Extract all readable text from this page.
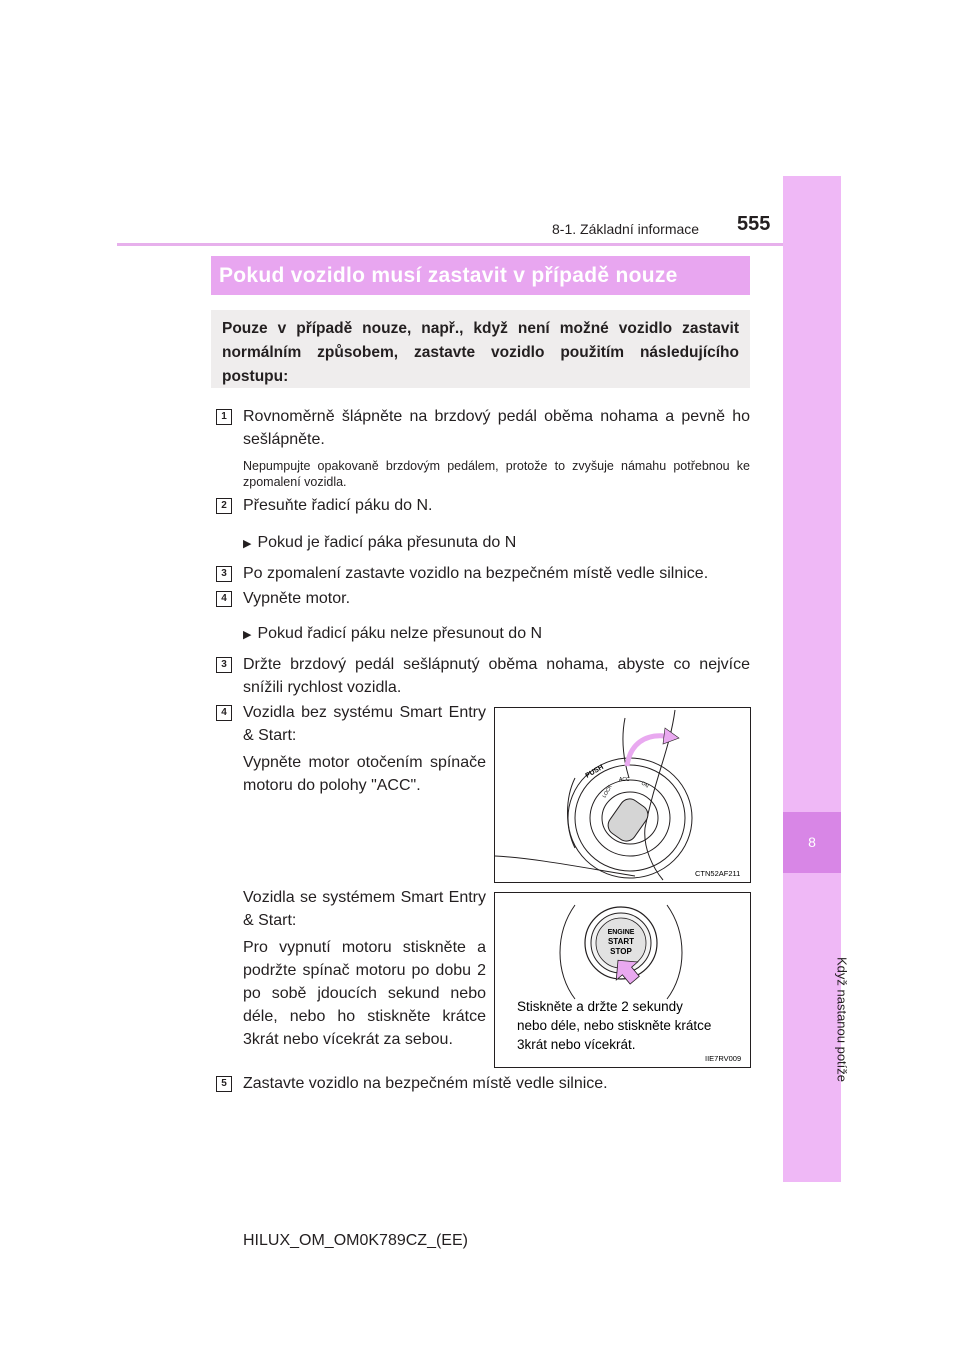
8-1. Základní informace 555
8
Když nastanou potíže
Pokud vozidlo musí zastavit v případě nouze
Pouze v případě nouze, např., když není možné vozidlo zastavit normálním způsobem, zastavte vozidlo použitím následujícího postupu:
1	Rovnoměrně šlápněte na brzdový pedál oběma nohama a pevně ho sešlápněte.
Nepumpujte opakovaně brzdovým pedálem, protože to zvyšuje námahu potřebnou ke zpomalení vozidla.
2	Přesuňte řadicí páku do N.
▶ Pokud je řadicí páka přesunuta do N
3	Po zpomalení zastavte vozidlo na bezpečném místě vedle silnice.
4	Vypněte motor.
▶ Pokud řadicí páku nelze přesunout do N
3	Držte brzdový pedál sešlápnutý oběma nohama, abyste co nejvíce snížili rychlost vozidla.
4	Vozidla bez systému Smart Entry & Start:
Vypněte motor otočením spínače motoru do polohy "ACC".
Vozidla se systémem Smart Entry & Start:
Pro vypnutí motoru stiskněte a podržte spínač motoru po dobu 2 po sobě jdoucích sekund nebo déle, nebo ho stiskněte krátce 3krát nebo vícekrát za sebou.
5	Zastavte vozidlo na bezpečném místě vedle silnice.
PUSH
LOCK
ACC
ON
CTN52AF211
ENGINE
START
STOP
Stiskněte a držte 2 sekundy
nebo déle, nebo stiskněte krátce
3krát nebo vícekrát.
IIE7RV009
HILUX_OM_OM0K789CZ_(EE)
